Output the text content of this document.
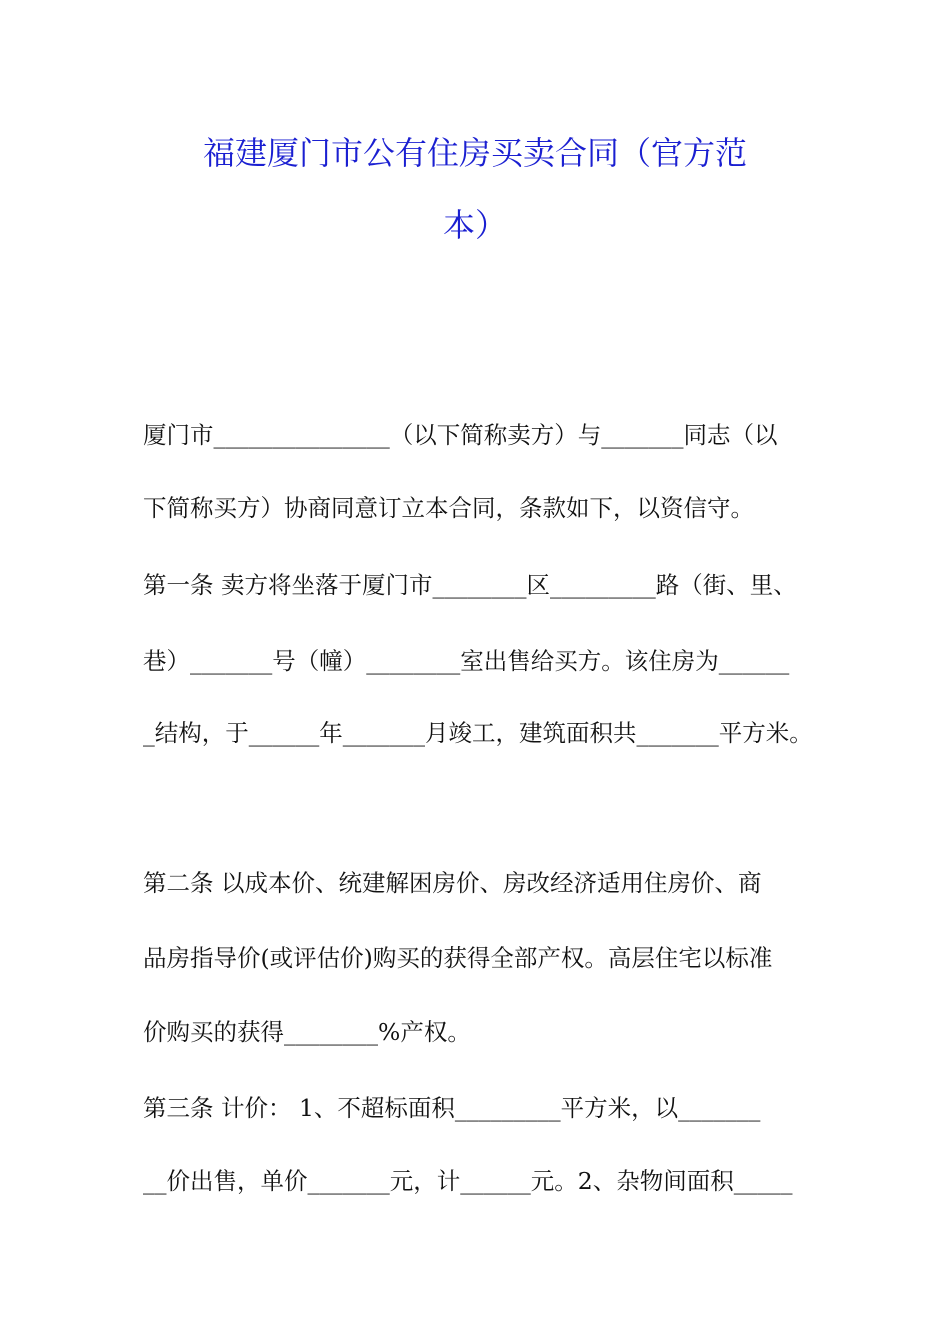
福建厦门市公有住房买卖合同（官方范
本）
厦门市_______________（以下简称卖方）与_______同志（以
下简称买方）协商同意订立本合同，条款如下，以资信守。
第一条 卖方将坐落于厦门市________区_________路（街、里、
巷）_______号（幢）________室出售给买方。该住房为______
_结构，于______年_______月竣工，建筑面积共_______平方米。
第二条 以成本价、统建解困房价、房改经济适用住房价、商
品房指导价(或评估价)购买的获得全部产权。高层住宅以标准
价购买的获得________%产权。
第三条 计价： 1、不超标面积_________平方米，以_______
__价出售，单价_______元，计______元。2、杂物间面积_____
